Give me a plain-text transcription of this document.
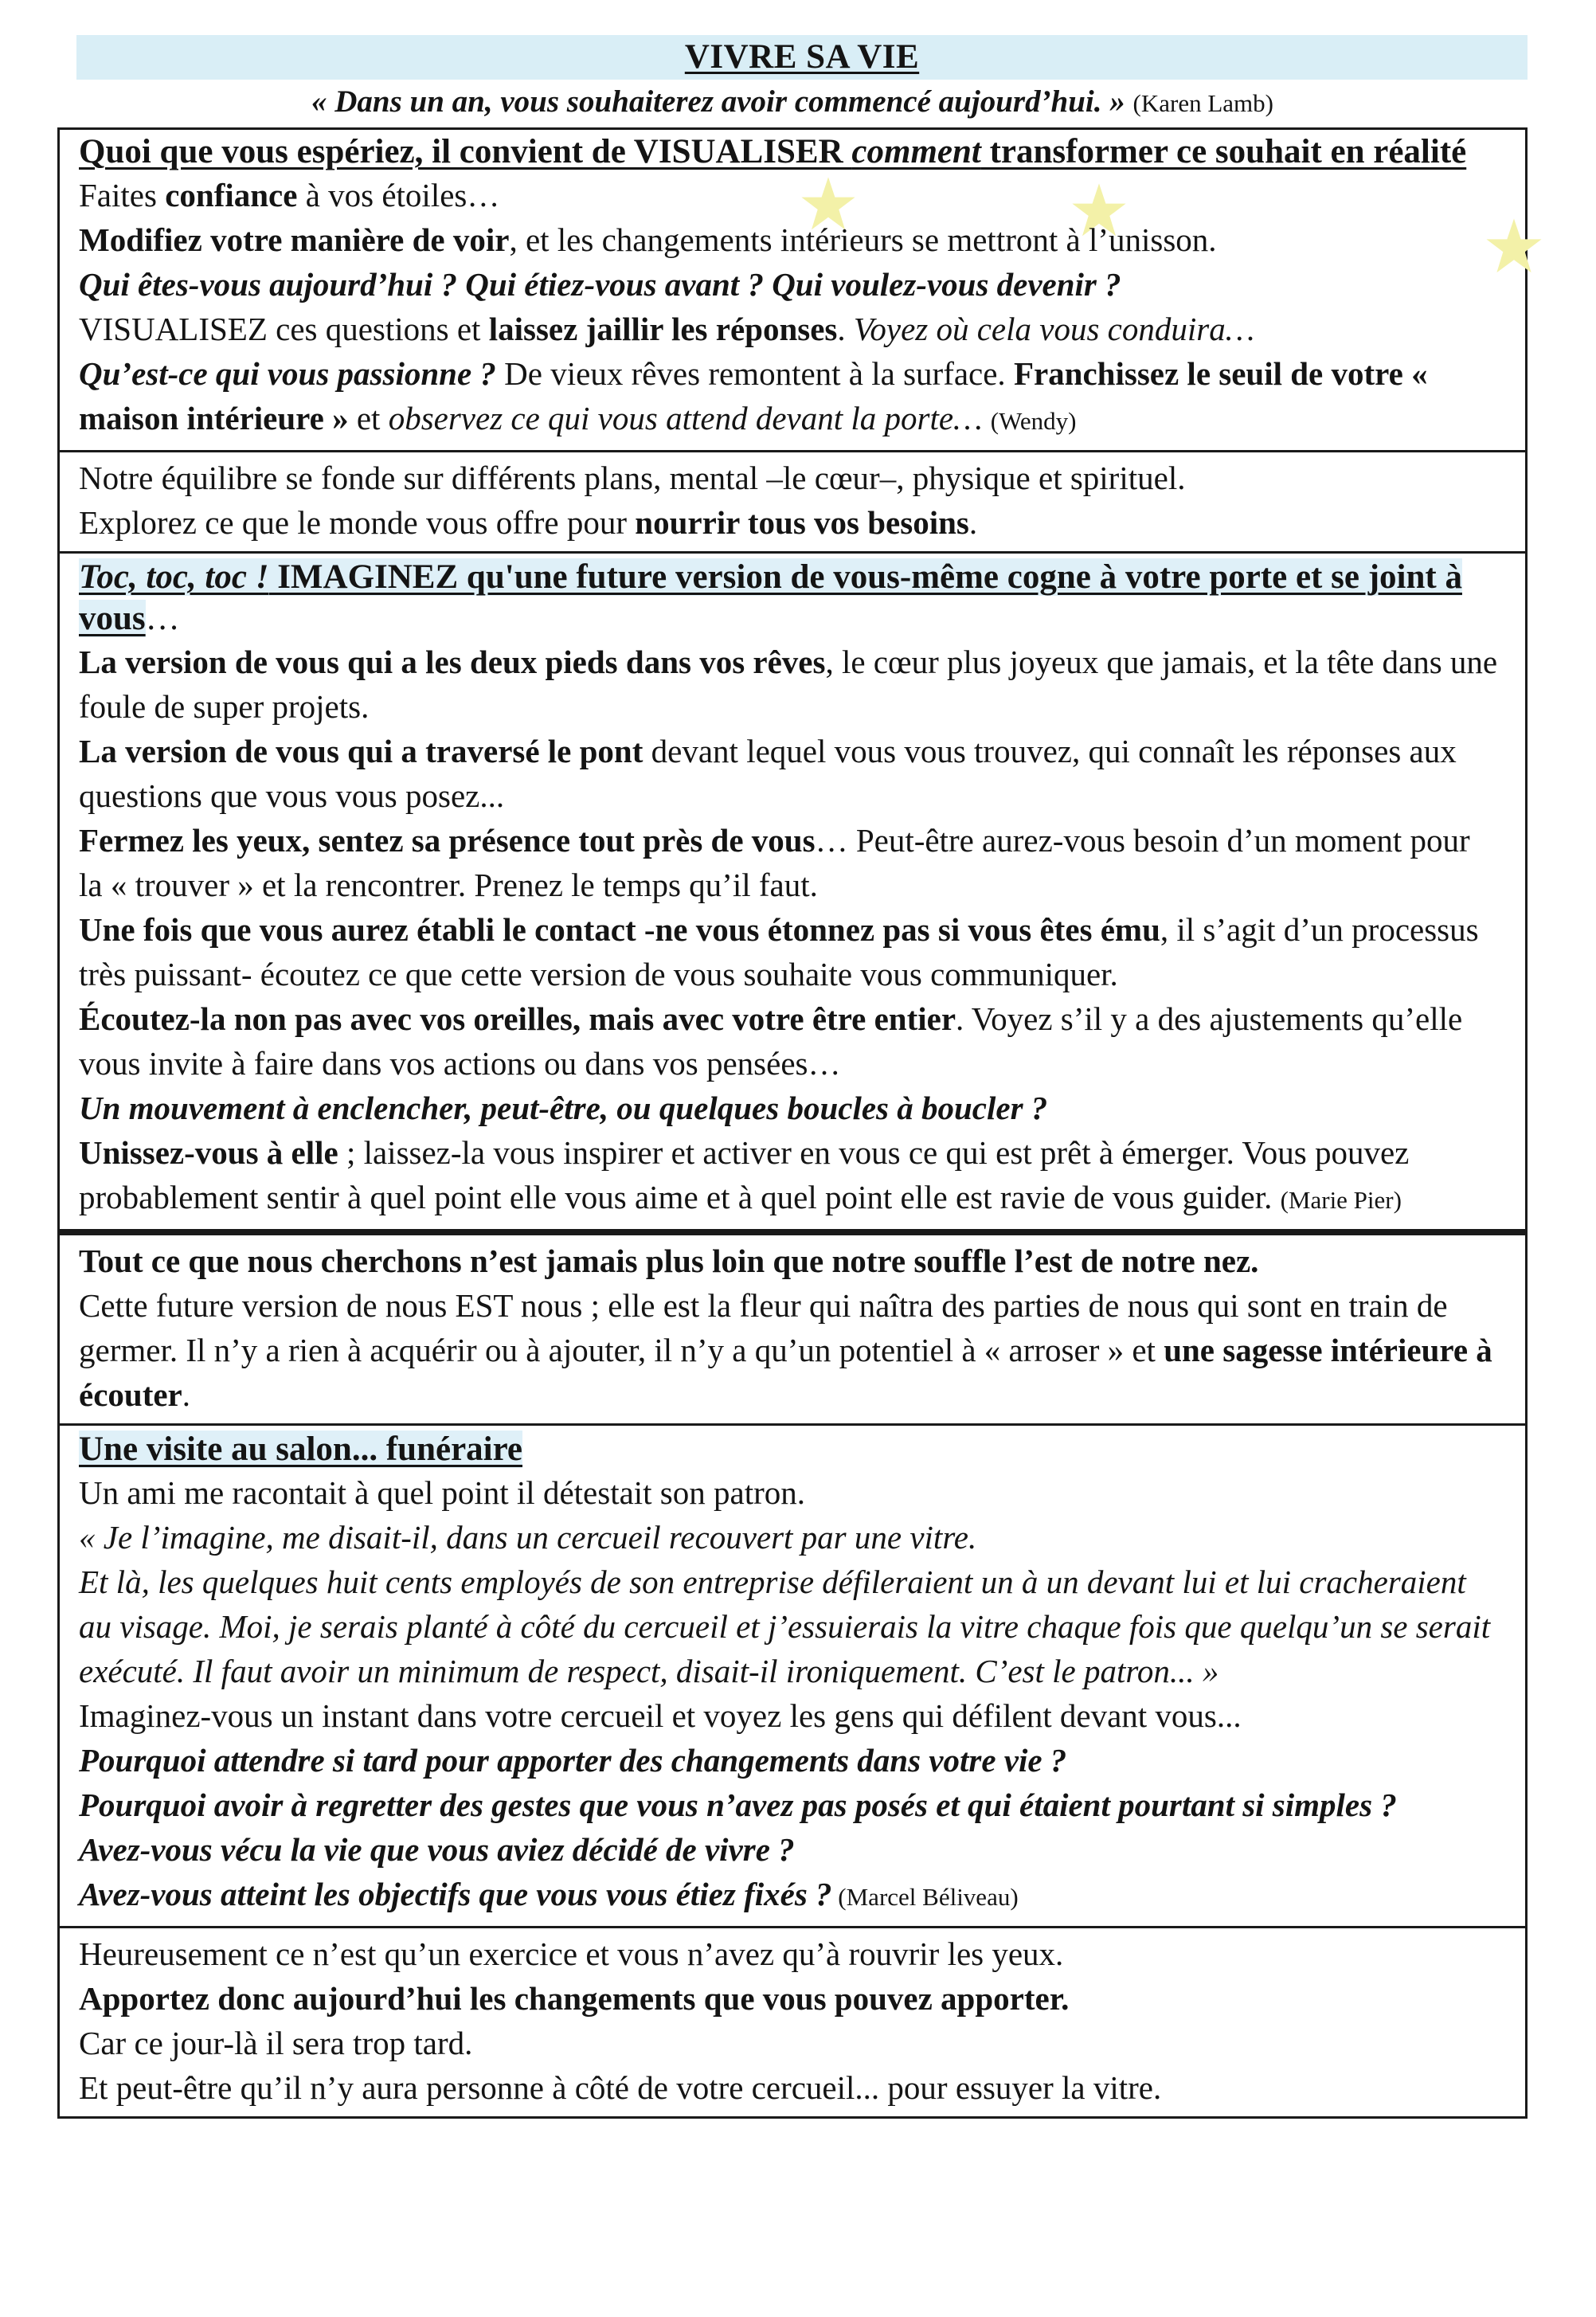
VIVRE SA VIE
« Dans un an, vous souhaiterez avoir commencé aujourd’hui. » (Karen Lamb)
Quoi que vous espériez, il convient de VISUALISER comment transformer ce souhait en réalité
Faites confiance à vos étoiles…
Modifiez votre manière de voir, et les changements intérieurs se mettront à l’unisson.
Qui êtes-vous aujourd’hui ? Qui étiez-vous avant ? Qui voulez-vous devenir ?
VISUALISEZ ces questions et laissez jaillir les réponses. Voyez où cela vous conduira…
Qu’est-ce qui vous passionne ? De vieux rêves remontent à la surface. Franchissez le seuil de votre « maison intérieure » et observez ce qui vous attend devant la porte… (Wendy)
Notre équilibre se fonde sur différents plans, mental –le cœur–, physique et spirituel.
Explorez ce que le monde vous offre pour nourrir tous vos besoins.
Toc, toc, toc ! IMAGINEZ qu'une future version de vous-même cogne à votre porte et se joint à vous…
La version de vous qui a les deux pieds dans vos rêves, le cœur plus joyeux que jamais, et la tête dans une foule de super projets.
La version de vous qui a traversé le pont devant lequel vous vous trouvez, qui connaît les réponses aux questions que vous vous posez...
Fermez les yeux, sentez sa présence tout près de vous… Peut-être aurez-vous besoin d’un moment pour la « trouver » et la rencontrer. Prenez le temps qu’il faut.
Une fois que vous aurez établi le contact -ne vous étonnez pas si vous êtes ému, il s’agit d’un processus très puissant- écoutez ce que cette version de vous souhaite vous communiquer.
Écoutez-la non pas avec vos oreilles, mais avec votre être entier. Voyez s’il y a des ajustements qu’elle vous invite à faire dans vos actions ou dans vos pensées…
Un mouvement à enclencher, peut-être, ou quelques boucles à boucler ?
Unissez-vous à elle ; laissez-la vous inspirer et activer en vous ce qui est prêt à émerger. Vous pouvez probablement sentir à quel point elle vous aime et à quel point elle est ravie de vous guider. (Marie Pier)
Tout ce que nous cherchons n’est jamais plus loin que notre souffle l’est de notre nez.
Cette future version de nous EST nous ; elle est la fleur qui naîtra des parties de nous qui sont en train de germer. Il n’y a rien à acquérir ou à ajouter, il n’y a qu’un potentiel à « arroser » et une sagesse intérieure à écouter.
Une visite au salon... funéraire
Un ami me racontait à quel point il détestait son patron.
« Je l’imagine, me disait-il, dans un cercueil recouvert par une vitre.
Et là, les quelques huit cents employés de son entreprise défileraient un à un devant lui et lui cracheraient au visage. Moi, je serais planté à côté du cercueil et j’essuierais la vitre chaque fois que quelqu’un se serait exécuté. Il faut avoir un minimum de respect, disait-il ironiquement. C’est le patron... »
Imaginez-vous un instant dans votre cercueil et voyez les gens qui défilent devant vous...
Pourquoi attendre si tard pour apporter des changements dans votre vie ?
Pourquoi avoir à regretter des gestes que vous n’avez pas posés et qui étaient pourtant si simples ?
Avez-vous vécu la vie que vous aviez décidé de vivre ?
Avez-vous atteint les objectifs que vous vous étiez fixés ? (Marcel Béliveau)
Heureusement ce n’est qu’un exercice et vous n’avez qu’à rouvrir les yeux.
Apportez donc aujourd’hui les changements que vous pouvez apporter.
Car ce jour-là il sera trop tard.
Et peut-être qu’il n’y aura personne à côté de votre cercueil... pour essuyer la vitre.
